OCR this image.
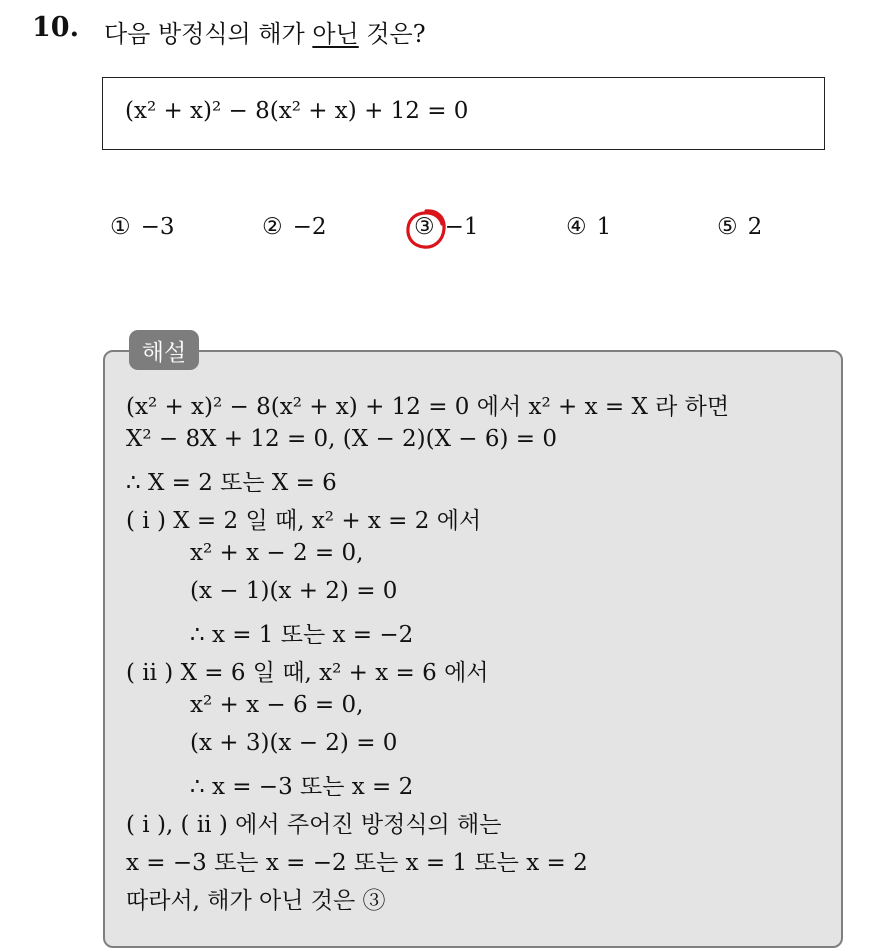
10. 다음 방정식의 해가 아닌 것은?
(x² + x)² − 8(x² + x) + 12 = 0
① −3	② −2	③ −1	④ 1	⑤ 2
해설
(x² + x)² − 8(x² + x) + 12 = 0 에서 x² + x = X 라 하면
X² − 8X + 12 = 0, (X − 2)(X − 6) = 0
∴ X = 2 또는 X = 6
( i ) X = 2 일 때, x² + x = 2 에서
x² + x − 2 = 0,
(x − 1)(x + 2) = 0
∴ x = 1 또는 x = −2
( ii ) X = 6 일 때, x² + x = 6 에서
x² + x − 6 = 0,
(x + 3)(x − 2) = 0
∴ x = −3 또는 x = 2
( i ), ( ii ) 에서 주어진 방정식의 해는
x = −3 또는 x = −2 또는 x = 1 또는 x = 2
따라서, 해가 아닌 것은 ③
